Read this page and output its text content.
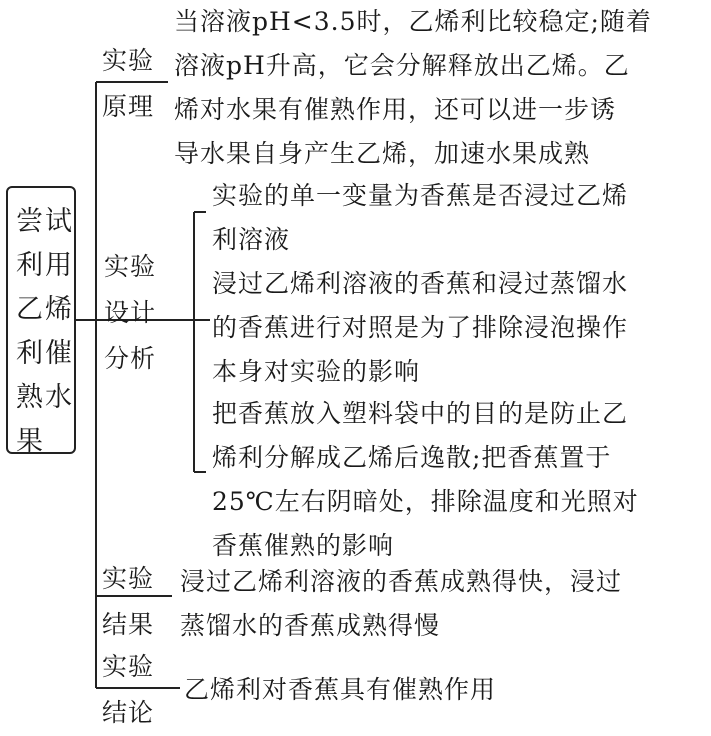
尝试
利用
乙烯
利催
熟水
果
实验
原理
当溶液pH<3.5时，乙烯利比较稳定;随着
溶液pH升高，它会分解释放出乙烯。乙
烯对水果有催熟作用，还可以进一步诱
导水果自身产生乙烯，加速水果成熟
实验
设计
分析
实验的单一变量为香蕉是否浸过乙烯
利溶液
浸过乙烯利溶液的香蕉和浸过蒸馏水
的香蕉进行对照是为了排除浸泡操作
本身对实验的影响
把香蕉放入塑料袋中的目的是防止乙
烯利分解成乙烯后逸散;把香蕉置于
25℃左右阴暗处，排除温度和光照对
香蕉催熟的影响
实验
结果
浸过乙烯利溶液的香蕉成熟得快，浸过
蒸馏水的香蕉成熟得慢
实验
结论
乙烯利对香蕉具有催熟作用
